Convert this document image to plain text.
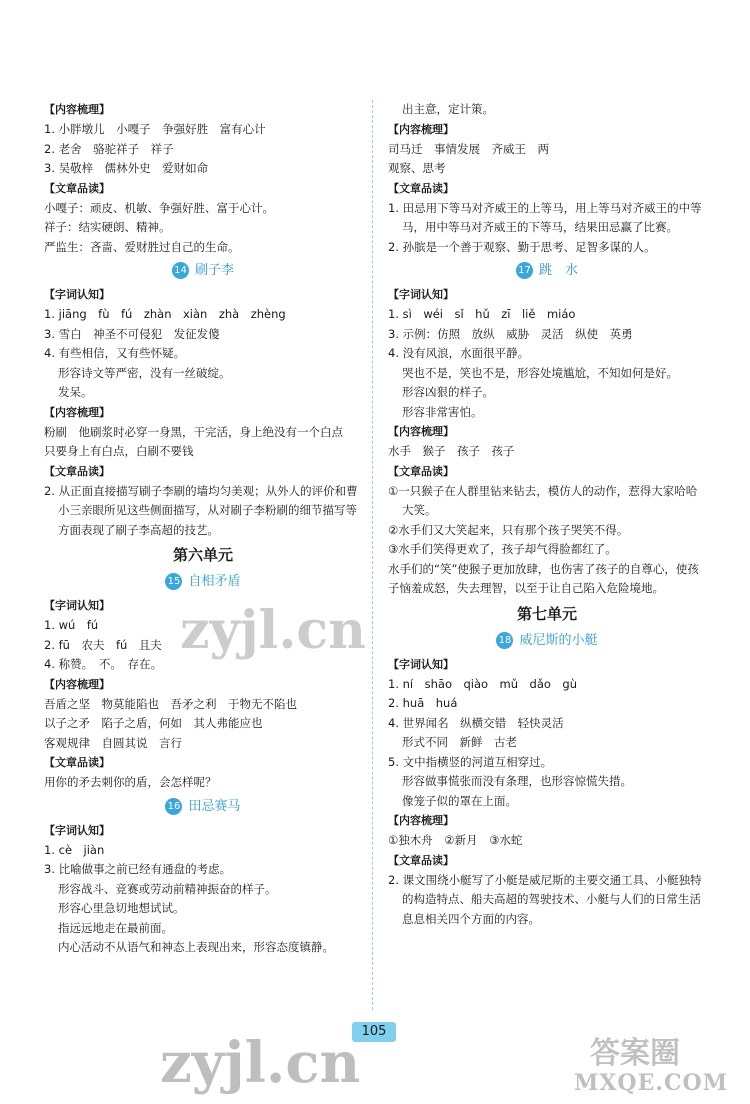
【内容梳理】
1. 小胖墩儿　小嘎子　争强好胜　富有心计
2. 老舍　骆驼祥子　祥子
3. 吴敬梓　儒林外史　爱财如命
【文章品读】
小嘎子：顽皮、机敏、争强好胜、富于心计。
祥子：结实硬朗、精神。
严监生：吝啬、爱财胜过自己的生命。
14 刷子李
【字词认知】
1. jiāng　fù　fú　zhàn　xiàn　zhà　zhèng
3. 雪白　神圣不可侵犯　发征发傻
4. 有些相信，又有些怀疑。
形容诗文等严密，没有一丝破绽。
发呆。
【内容梳理】
粉刷　他刷浆时必穿一身黑，干完活，身上绝没有一个白点　只要身上有白点，白刷不要钱
【文章品读】
2. 从正面直接描写刷子李刷的墙均匀美观；从外人的评价和曹小三亲眼所见这些侧面描写，从对刷子李粉刷的细节描写等方面表现了刷子李高超的技艺。
第六单元
15 自相矛盾
【字词认知】
1. wú　fú
2. fū　农夫　fú　且夫
4. 称赞。　不。　存在。
【内容梳理】
吾盾之坚　物莫能陷也　吾矛之利　于物无不陷也
以子之矛　陷子之盾，何如　其人弗能应也
客观规律　自圆其说　言行
【文章品读】
用你的矛去刺你的盾，会怎样呢？
16 田忌赛马
【字词认知】
1. cè　jiàn
3. 比喻做事之前已经有通盘的考虑。
形容战斗、竞赛或劳动前精神振奋的样子。
形容心里急切地想试试。
指远远地走在最前面。
内心活动不从语气和神态上表现出来，形容态度镇静。
出主意，定计策。
【内容梳理】
司马迁　事情发展　齐威王　两
观察、思考
【文章品读】
1. 田忌用下等马对齐威王的上等马，用上等马对齐威王的中等马，用中等马对齐威王的下等马，结果田忌赢了比赛。
2. 孙膑是一个善于观察、勤于思考、足智多谋的人。
17 跳　水
【字词认知】
1. sì　wéi　sǐ　hǔ　zī　liě　miáo
3. 示例：仿照　放纵　威胁　灵活　纵使　英勇
4. 没有风浪，水面很平静。
哭也不是，笑也不是，形容处境尴尬，不知如何是好。
形容凶狠的样子。
形容非常害怕。
【内容梳理】
水手　猴子　孩子　孩子
【文章品读】
①一只猴子在人群里钻来钻去，模仿人的动作，惹得大家哈哈大笑。
②水手们又大笑起来，只有那个孩子哭笑不得。
③水手们笑得更欢了，孩子却气得脸都红了。
水手们的“笑”使猴子更加放肆，也伤害了孩子的自尊心，使孩子恼羞成怒，失去理智，以至于让自己陷入危险境地。
第七单元
18 威尼斯的小艇
【字词认知】
1. ní　shāo　qiào　mǔ　dǎo　gù
2. huā　huá
4. 世界闻名　纵横交错　轻快灵活
形式不同　新鲜　古老
5. 文中指横竖的河道互相穿过。
形容做事慌张而没有条理，也形容惊慌失措。
像笼子似的罩在上面。
【内容梳理】
①独木舟　②新月　③水蛇
【文章品读】
2. 课文围绕小艇写了小艇是威尼斯的主要交通工具、小艇独特的构造特点、船夫高超的驾驶技术、小艇与人们的日常生活息息相关四个方面的内容。
105
zyjl.cn
zyjl.cn	答案圈
MXQE.COM
